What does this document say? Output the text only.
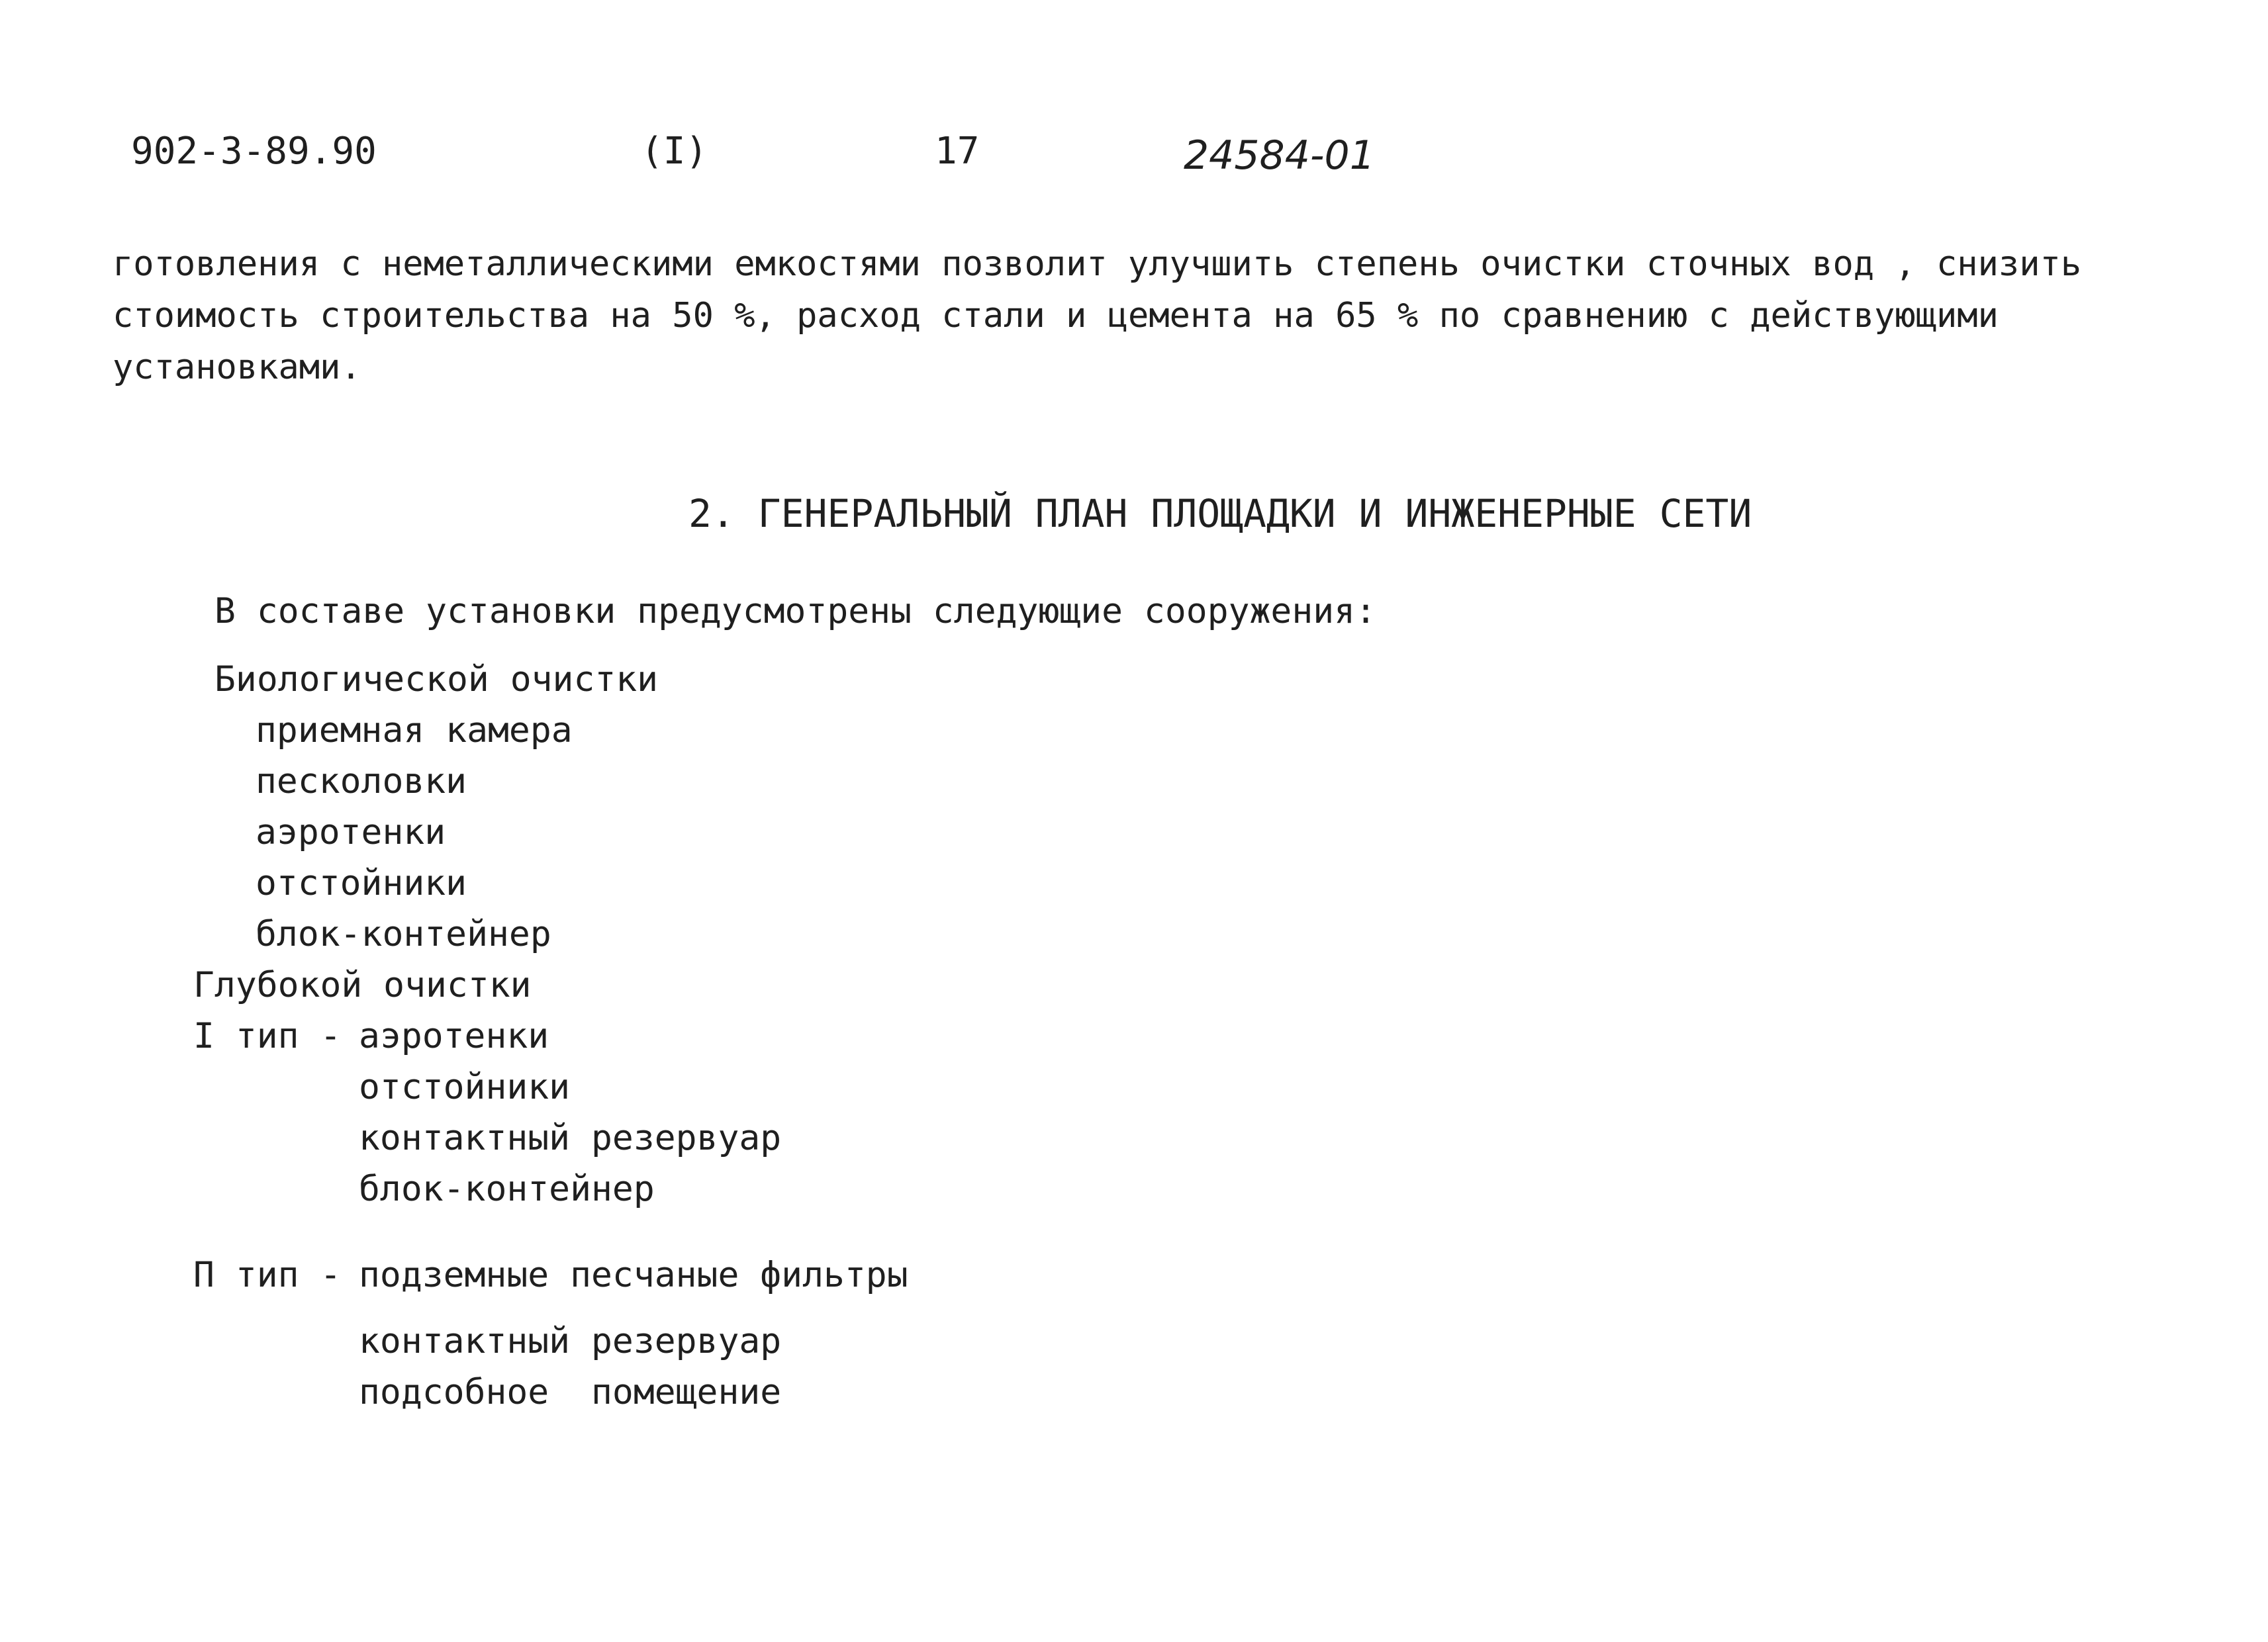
902-3-89.90	(I)	17	24584-01
готовления с неметаллическими емкостями позволит улучшить степень очистки сточных вод , снизить
стоимость строительства на 50 %, расход стали и цемента на 65 % по сравнению с действующими
установками.
2. ГЕНЕРАЛЬНЫЙ ПЛАН ПЛОЩАДКИ И ИНЖЕНЕРНЫЕ СЕТИ
В составе установки предусмотрены следующие сооружения:
Биологической очистки
приемная камера
песколовки
аэротенки
отстойники
блок-контейнер
Глубокой очистки
I тип - аэротенки
отстойники
контактный резервуар
блок-контейнер
П тип - подземные песчаные фильтры
контактный резервуар
подсобное  помещение
